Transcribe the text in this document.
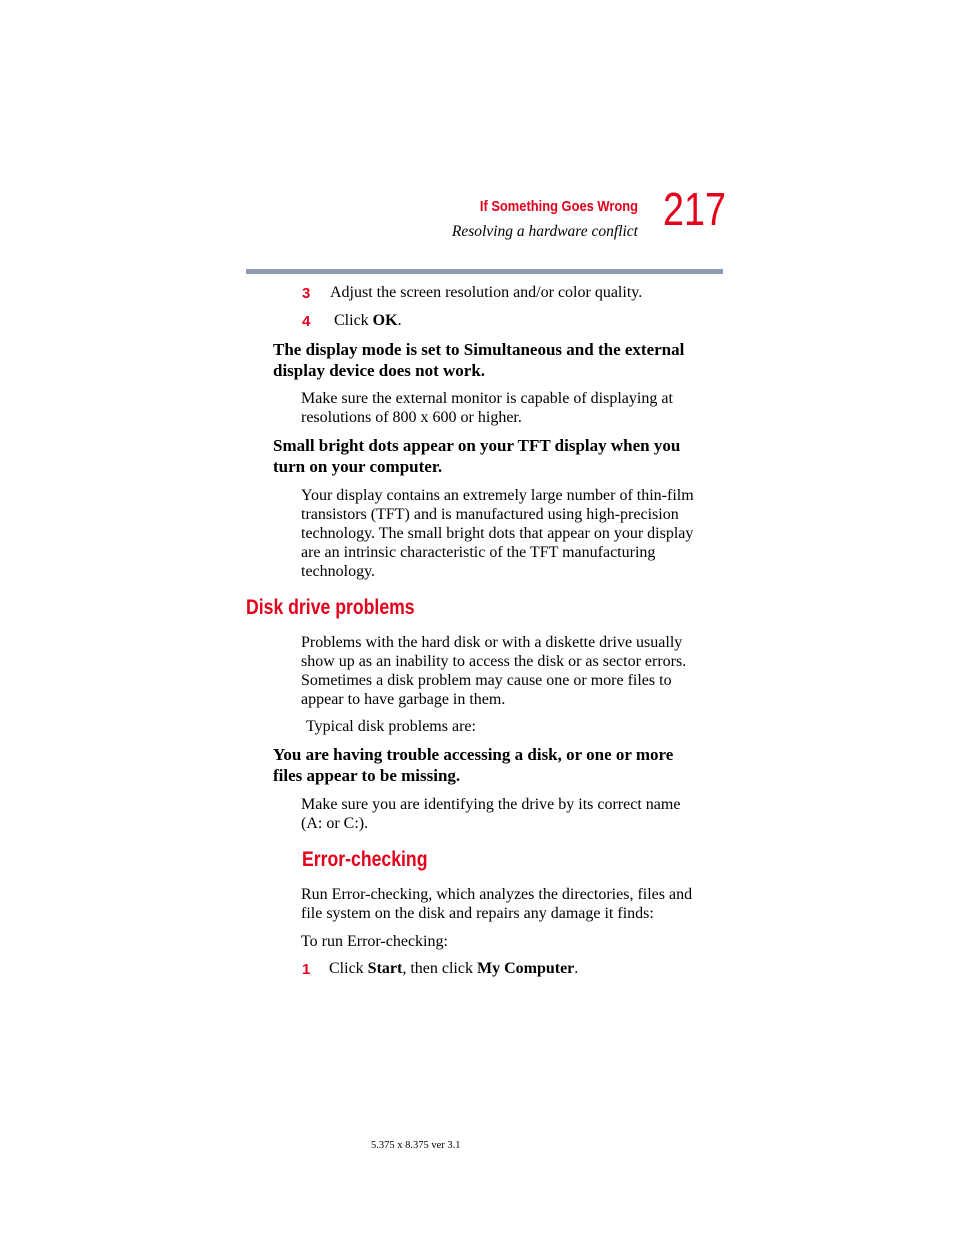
If Something Goes Wrong
Resolving a hardware conflict 217
3 Adjust the screen resolution and/or color quality.
4 Click OK.
The display mode is set to Simultaneous and the external
display device does not work.
Make sure the external monitor is capable of displaying at
resolutions of 800 x 600 or higher.
Small bright dots appear on your TFT display when you
turn on your computer.
Your display contains an extremely large number of thin-film
transistors (TFT) and is manufactured using high-precision
technology. The small bright dots that appear on your display
are an intrinsic characteristic of the TFT manufacturing
technology.
Disk drive problems
Problems with the hard disk or with a diskette drive usually
show up as an inability to access the disk or as sector errors.
Sometimes a disk problem may cause one or more files to
appear to have garbage in them.
Typical disk problems are:
You are having trouble accessing a disk, or one or more
files appear to be missing.
Make sure you are identifying the drive by its correct name
(A: or C:).
Error-checking
Run Error-checking, which analyzes the directories, files and
file system on the disk and repairs any damage it finds:
To run Error-checking:
1 Click Start, then click My Computer.
5.375 x 8.375 ver 3.1
